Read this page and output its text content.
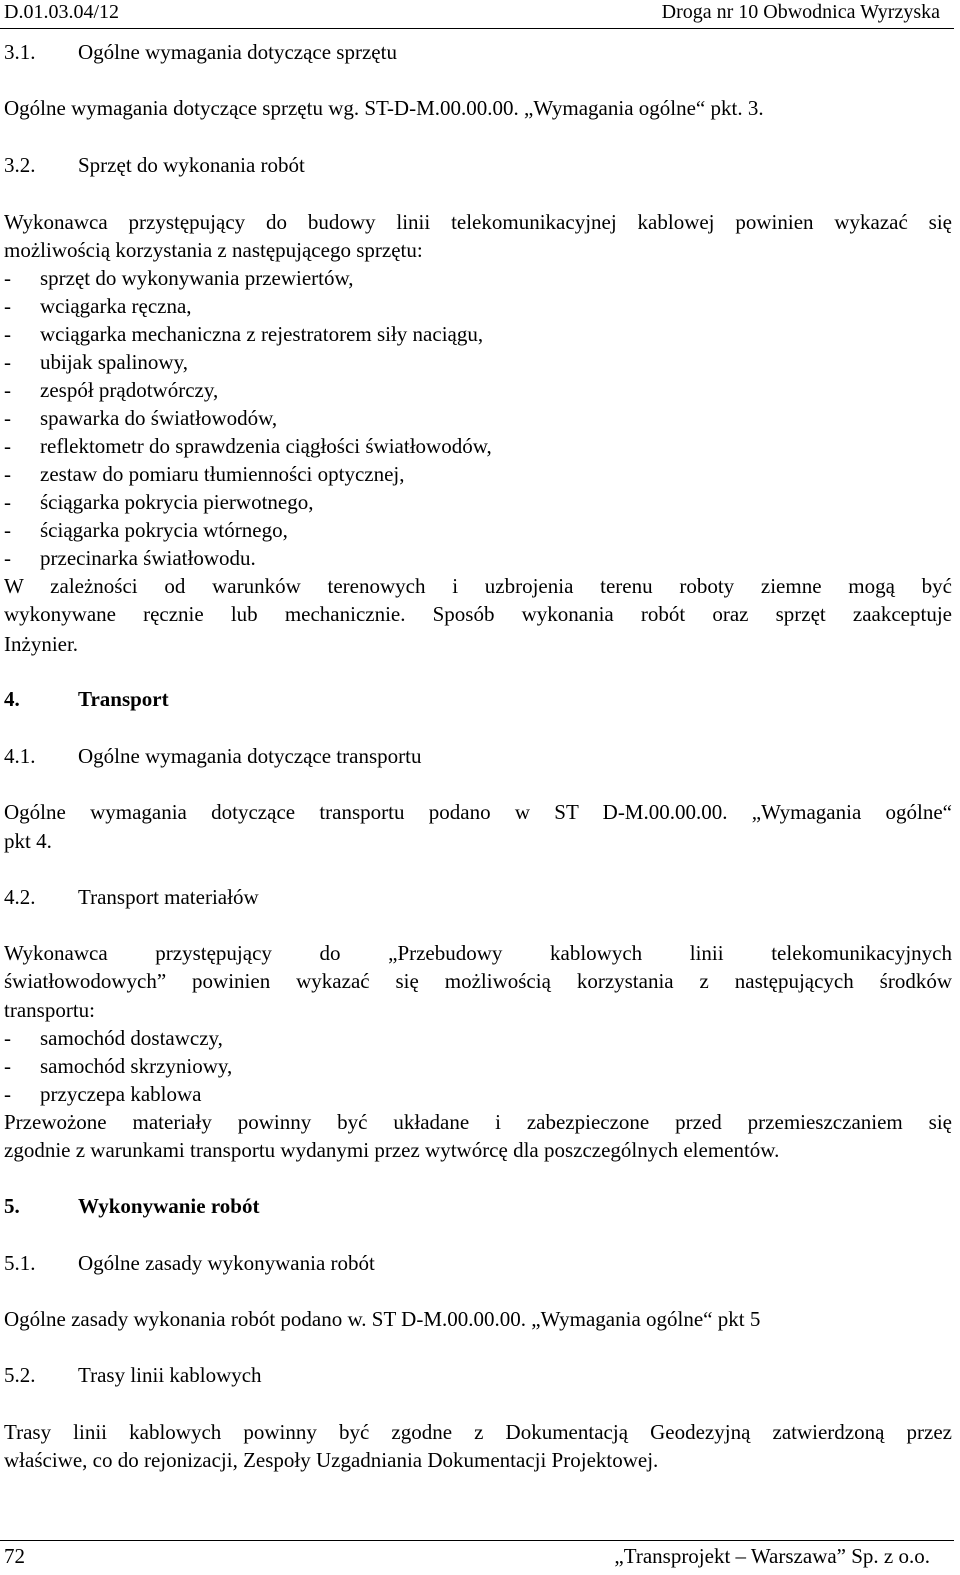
D.01.03.04/12	Droga nr 10 Obwodnica Wyrzyska
3.1. Ogólne wymagania dotyczące sprzętu
Ogólne wymagania dotyczące sprzętu wg. ST-D-M.00.00.00. „Wymagania ogólne“ pkt. 3.
3.2. Sprzęt do wykonania robót
Wykonawca przystępujący do budowy linii telekomunikacyjnej kablowej powinien wykazać się
możliwością korzystania z następującego sprzętu:
- sprzęt do wykonywania przewiertów,
- wciągarka ręczna,
- wciągarka mechaniczna z rejestratorem siły naciągu,
- ubijak spalinowy,
- zespół prądotwórczy,
- spawarka do światłowodów,
- reflektometr do sprawdzenia ciągłości światłowodów,
- zestaw do pomiaru tłumienności optycznej,
- ściągarka pokrycia pierwotnego,
- ściągarka pokrycia wtórnego,
- przecinarka światłowodu.
W zależności od warunków terenowych i uzbrojenia terenu roboty ziemne mogą być
wykonywane ręcznie lub mechanicznie. Sposób wykonania robót oraz sprzęt zaakceptuje
Inżynier.
4.	Transport
4.1. Ogólne wymagania dotyczące transportu
Ogólne wymagania dotyczące transportu podano w ST D-M.00.00.00. „Wymagania ogólne“
pkt 4.
4.2. Transport materiałów
Wykonawca przystępujący do „Przebudowy kablowych linii telekomunikacyjnych
światłowodowych” powinien wykazać się możliwością korzystania z następujących środków
transportu:
- samochód dostawczy,
- samochód skrzyniowy,
- przyczepa kablowa
Przewożone materiały powinny być układane i zabezpieczone przed przemieszczaniem się
zgodnie z warunkami transportu wydanymi przez wytwórcę dla poszczególnych elementów.
5.	Wykonywanie robót
5.1. Ogólne zasady wykonywania robót
Ogólne zasady wykonania robót podano w. ST D-M.00.00.00. „Wymagania ogólne“ pkt 5
5.2. Trasy linii kablowych
Trasy linii kablowych powinny być zgodne z Dokumentacją Geodezyjną zatwierdzoną przez
właściwe, co do rejonizacji, Zespoły Uzgadniania Dokumentacji Projektowej.
72	„Transprojekt – Warszawa” Sp. z o.o.
